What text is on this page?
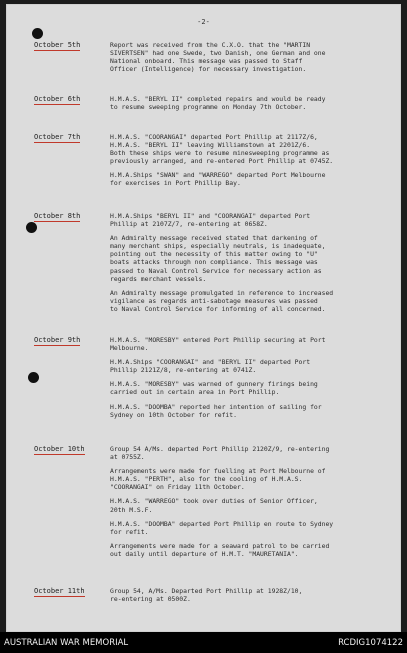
-2-
October 5th	Report was received from the C.X.O. that the "MARTIN
SIVERTSEN" had one Swede, two Danish, one German and one
National onboard. This message was passed to Staff
Officer (Intelligence) for necessary investigation.

October 6th	H.M.A.S. "BERYL II" completed repairs and would be ready
to resume sweeping programme on Monday 7th October.

October 7th	H.M.A.S. "COORANGAI" departed Port Phillip at 2117Z/6,
H.M.A.S. "BERYL II" leaving Williamstown at 2201Z/6.
Both these ships were to resume minesweeping programme as
previously arranged, and re-entered Port Phillip at 0745Z.

H.M.A.Ships "SWAN" and "WARREGO" departed Port Melbourne
for exercises in Port Phillip Bay.

October 8th	H.M.A.Ships "BERYL II" and "COORANGAI" departed Port
Phillip at 2107Z/7, re-entering at 0658Z.

An Admiralty message received stated that darkening of
many merchant ships, especially neutrals, is inadequate,
pointing out the necessity of this matter owing to "U"
boats attacks through non compliance. This message was
passed to Naval Control Service for necessary action as
regards merchant vessels.

An Admiralty message promulgated in reference to increased
vigilance as regards anti-sabotage measures was passed
to Naval Control Service for informing of all concerned.

October 9th	H.M.A.S. "MORESBY" entered Port Phillip securing at Port
Melbourne.

H.M.A.Ships "COORANGAI" and "BERYL II" departed Port
Phillip 2121Z/8, re-entering at 0741Z.

H.M.A.S. "MORESBY" was warned of gunnery firings being
carried out in certain area in Port Phillip.

H.M.A.S. "DOOMBA" reported her intention of sailing for
Sydney on 10th October for refit.

October 10th	Group 54 A/Ms. departed Port Phillip 2120Z/9, re-entering
at 0755Z.

Arrangements were made for fuelling at Port Melbourne of
H.M.A.S. "PERTH", also for the cooling of H.M.A.S.
"COORANGAI" on Friday 11th October.

H.M.A.S. "WARREGO" took over duties of Senior Officer,
20th M.S.F.

H.M.A.S. "DOOMBA" departed Port Phillip en route to Sydney
for refit.

Arrangements were made for a seaward patrol to be carried
out daily until departure of H.M.T. "MAURETANIA".

October 11th	Group 54, A/Ms. Departed Port Phillip at 1928Z/10,
re-entering at 0500Z.

AUSTRALIAN WAR MEMORIAL	RCDIG1074122
